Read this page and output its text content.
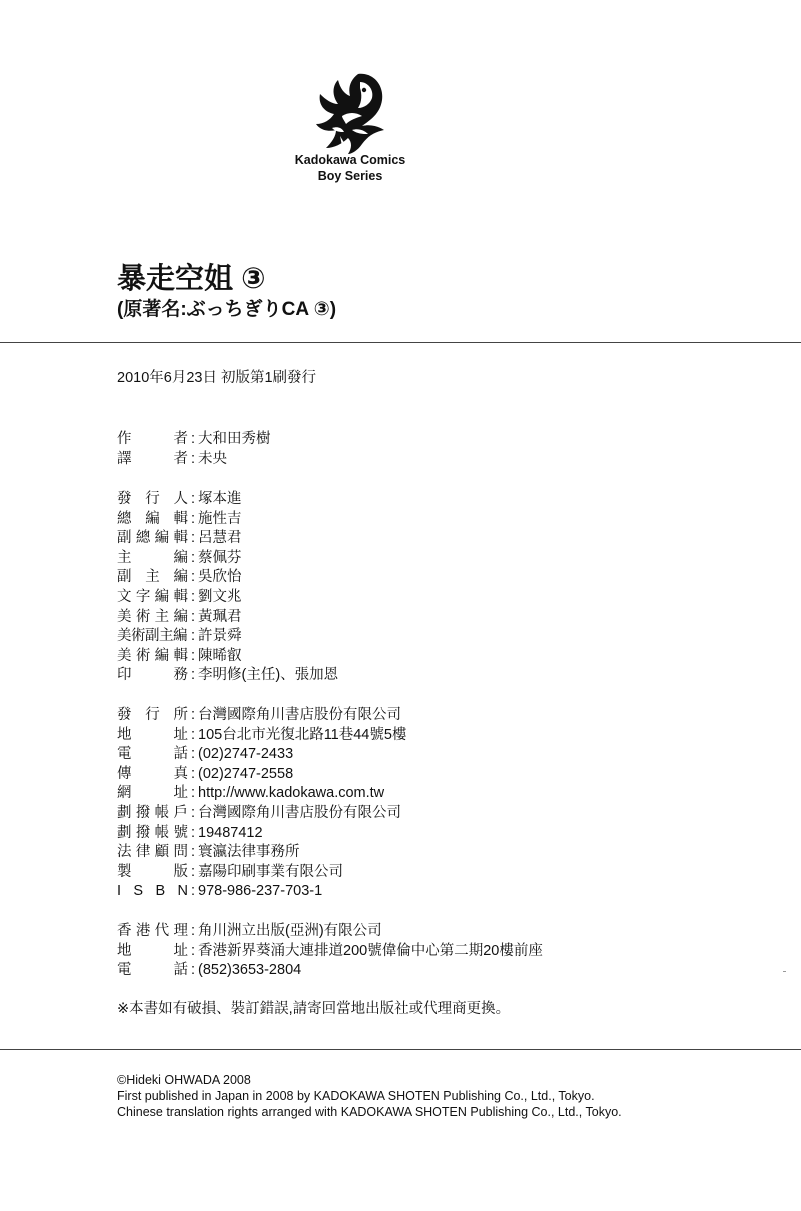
Kadokawa Comics
Boy Series
暴走空姐 ③
(原著名:ぶっちぎりCA ③)
2010年6月23日 初版第1刷發行
作	者 : 大和田秀樹
譯	者 : 未央
發 行 人 : 塚本進
總 編 輯 : 施性吉
副 總 編 輯 : 呂慧君
主	編 : 蔡佩芬
副 主 編 : 吳欣怡
文 字 編 輯 : 劉文兆
美 術 主 編 : 黃珮君
美 術 副 主 編 : 許景舜
美 術 編 輯 : 陳晞叡
印	務 : 李明修(主任)、張加恩
發 行 所 : 台灣國際角川書店股份有限公司
地	址 : 105台北市光復北路11巷44號5樓
電	話 : (02)2747-2433
傳	真 : (02)2747-2558
網	址 : http://www.kadokawa.com.tw
劃 撥 帳 戶 : 台灣國際角川書店股份有限公司
劃 撥 帳 號 : 19487412
法 律 顧 問 : 寰瀛法律事務所
製	版 : 嘉陽印刷事業有限公司
I S B N : 978-986-237-703-1
香 港 代 理 : 角川洲立出版(亞洲)有限公司
地	址 : 香港新界葵涌大連排道200號偉倫中心第二期20樓前座
電	話 : (852)3653-2804
※本書如有破損、裝訂錯誤,請寄回當地出版社或代理商更換。
©Hideki OHWADA 2008
First published in Japan in 2008 by KADOKAWA SHOTEN Publishing Co., Ltd., Tokyo.
Chinese translation rights arranged with KADOKAWA SHOTEN Publishing Co., Ltd., Tokyo.
